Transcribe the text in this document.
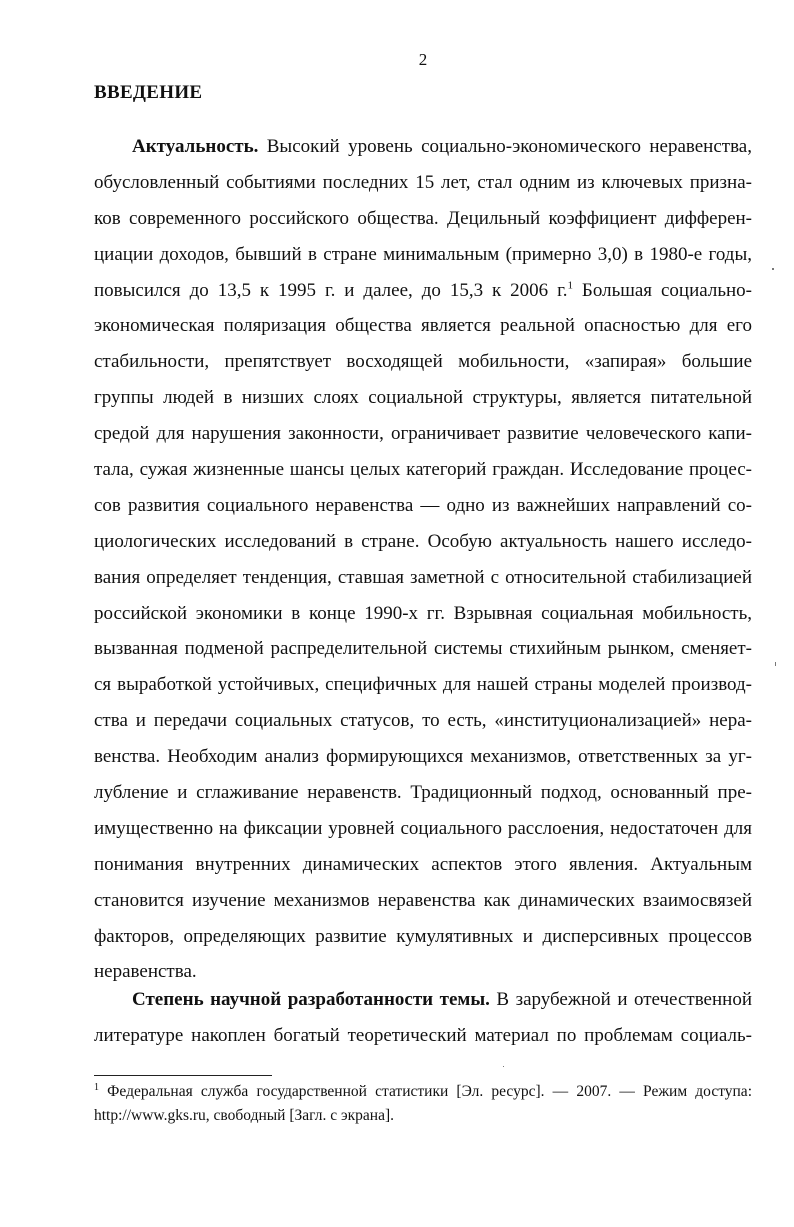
2
ВВЕДЕНИЕ
Актуальность. Высокий уровень социально-экономического неравенства,
обусловленный событиями последних 15 лет, стал одним из ключевых призна-
ков современного российского общества. Децильный коэффициент дифферен-
циации доходов, бывший в стране минимальным (примерно 3,0) в 1980-е годы,
повысился до 13,5 к 1995 г. и далее, до 15,3 к 2006 г.$^1$ Большая социально-
экономическая поляризация общества является реальной опасностью для его
стабильности, препятствует восходящей мобильности, «запирая» большие
группы людей в низших слоях социальной структуры, является питательной
средой для нарушения законности, ограничивает развитие человеческого капи-
тала, сужая жизненные шансы целых категорий граждан. Исследование процес-
сов развития социального неравенства — одно из важнейших направлений со-
циологических исследований в стране. Особую актуальность нашего исследо-
вания определяет тенденция, ставшая заметной с относительной стабилизацией
российской экономики в конце 1990-х гг. Взрывная социальная мобильность,
вызванная подменой распределительной системы стихийным рынком, сменяет-
ся выработкой устойчивых, специфичных для нашей страны моделей производ-
ства и передачи социальных статусов, то есть, «институционализацией» нера-
венства. Необходим анализ формирующихся механизмов, ответственных за уг-
лубление и сглаживание неравенств. Традиционный подход, основанный пре-
имущественно на фиксации уровней социального расслоения, недостаточен для
понимания внутренних динамических аспектов этого явления. Актуальным
становится изучение механизмов неравенства как динамических взаимосвязей
факторов, определяющих развитие кумулятивных и дисперсивных процессов
неравенства.
Степень научной разработанности темы. В зарубежной и отечественной
литературе накоплен богатый теоретический материал по проблемам социаль-
$^1$ Федеральная служба государственной статистики [Эл. ресурс]. — 2007. — Режим доступа:
http://www.gks.ru, свободный [Загл. с экрана].
